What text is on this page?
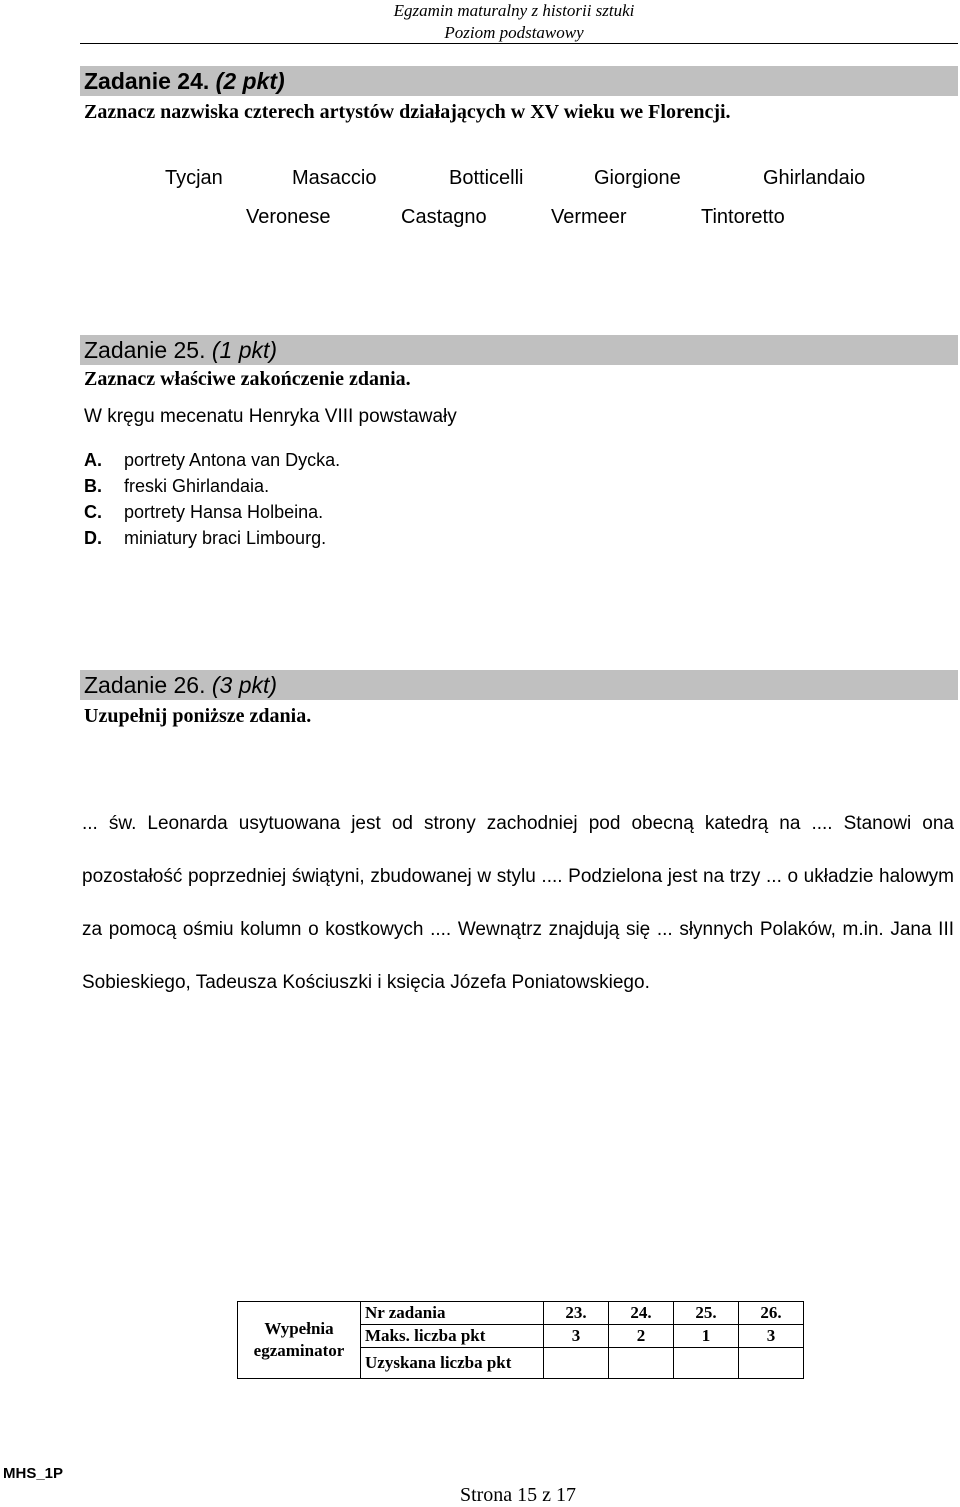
Egzamin maturalny z historii sztuki
Poziom podstawowy
Zadanie 24. (2 pkt)
Zaznacz nazwiska czterech artystów działających w XV wieku we Florencji.
Tycjan	Masaccio	Botticelli	Giorgione	Ghirlandaio
Veronese	Castagno	Vermeer	Tintoretto
Zadanie 25. (1 pkt)
Zaznacz właściwe zakończenie zdania.
W kręgu mecenatu Henryka VIII powstawały
A.	portrety Antona van Dycka.
B.	freski Ghirlandaia.
C.	portrety Hansa Holbeina.
D.	miniatury braci Limbourg.
Zadanie 26. (3 pkt)
Uzupełnij poniższe zdania.
... św. Leonarda usytuowana jest od strony zachodniej pod obecną katedrą na .... Stanowi ona pozostałość poprzedniej świątyni, zbudowanej w stylu .... Podzielona jest na trzy ... o układzie halowym za pomocą ośmiu kolumn o kostkowych .... Wewnątrz znajdują się ... słynnych Polaków, m.in. Jana III Sobieskiego, Tadeusza Kościuszki i księcia Józefa Poniatowskiego.
Wypełnia egzaminator	Nr zadania	23.	24.	25.	26.
	Maks. liczba pkt	3	2	1	3
	Uzyskana liczba pkt				
MHS_1P
Strona 15 z 17
